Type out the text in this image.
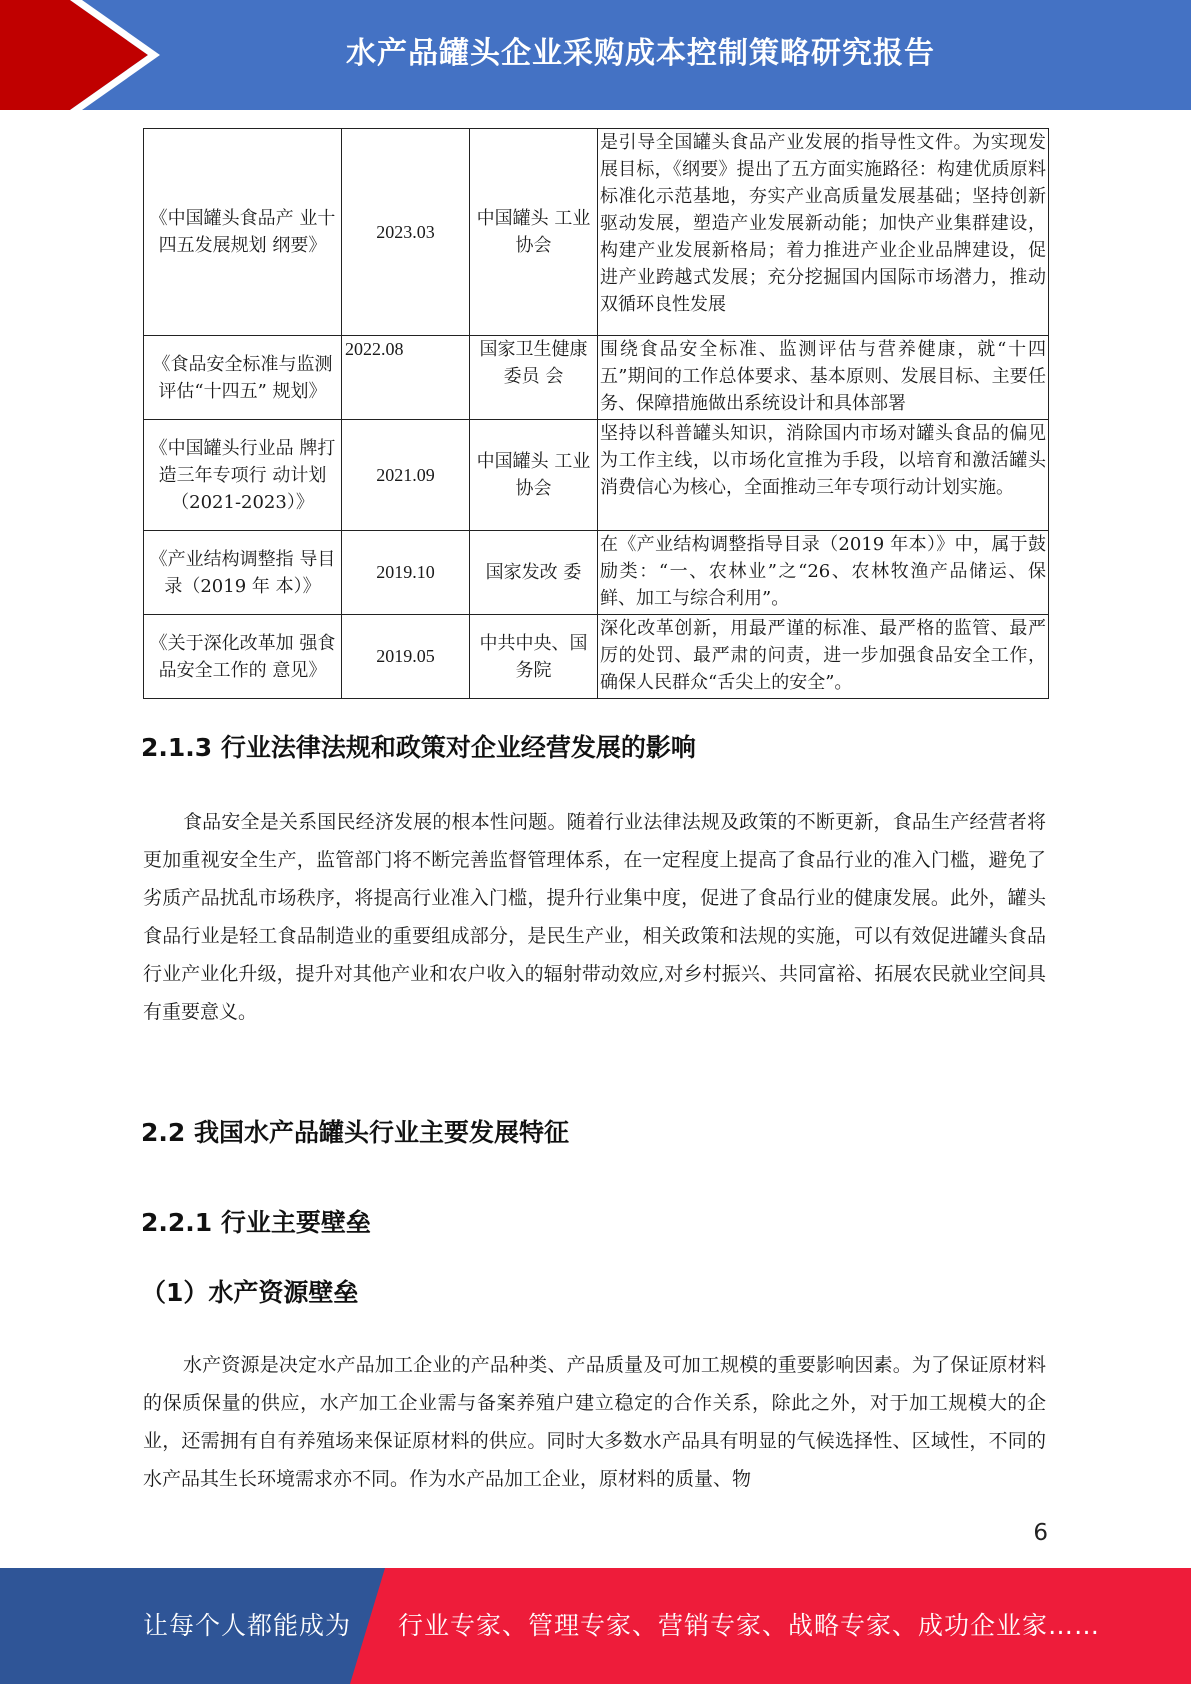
水产品罐头企业采购成本控制策略研究报告
《中国罐头食品产 业十四五发展规划 纲要》	2023.03	中国罐头 工业协会	是引导全国罐头食品产业发展的指导性文件。为实现发展目标，《纲要》提出了五方面实施路径：构建优质原料标准化示范基地，夯实产业高质量发展基础；坚持创新驱动发展，塑造产业发展新动能；加快产业集群建设，构建产业发展新格局；着力推进产业企业品牌建设，促进产业跨越式发展；充分挖掘国内国际市场潜力，推动双循环良性发展

《食品安全标准与监测评估“十四五” 规划》	2022.08	国家卫生健康委员 会	围绕食品安全标准、监测评估与营养健康，就“十四五”期间的工作总体要求、基本原则、发展目标、主要任务、保障措施做出系统设计和具体部署

《中国罐头行业品 牌打造三年专项行 动计划 （2021-2023）》	2021.09	中国罐头 工业协会	坚持以科普罐头知识，消除国内市场对罐头食品的偏见为工作主线，以市场化宣推为手段，以培育和激活罐头消费信心为核心，全面推动三年专项行动计划实施。
《产业结构调整指 导目录（2019 年 本）》	2019.10	国家发改 委	在《产业结构调整指导目录（2019 年本）》中，属于鼓励类：“一、农林业”之“26、农林牧渔产品储运、保鲜、加工与综合利用”。
《关于深化改革加 强食品安全工作的 意见》	2019.05	中共中央、国务院	深化改革创新，用最严谨的标准、最严格的监管、最严厉的处罚、最严肃的问责，进一步加强食品安全工作，确保人民群众“舌尖上的安全”。
2.1.3 行业法律法规和政策对企业经营发展的影响

食品安全是关系国民经济发展的根本性问题。随着行业法律法规及政策的不断更新，食品生产经营者将更加重视安全生产，监管部门将不断完善监督管理体系，在一定程度上提高了食品行业的准入门槛，避免了劣质产品扰乱市场秩序，将提高行业准入门槛，提升行业集中度，促进了食品行业的健康发展。此外，罐头食品行业是轻工食品制造业的重要组成部分，是民生产业，相关政策和法规的实施，可以有效促进罐头食品行业产业化升级，提升对其他产业和农户收入的辐射带动效应,对乡村振兴、共同富裕、拓展农民就业空间具有重要意义。

2.2 我国水产品罐头行业主要发展特征
2.2.1 行业主要壁垒
（1）水产资源壁垒

水产资源是决定水产品加工企业的产品种类、产品质量及可加工规模的重要影响因素。为了保证原材料的保质保量的供应，水产加工企业需与备案养殖户建立稳定的合作关系，除此之外，对于加工规模大的企业，还需拥有自有养殖场来保证原材料的供应。同时大多数水产品具有明显的气候选择性、区域性，不同的水产品其生长环境需求亦不同。作为水产品加工企业，原材料的质量、物

6
让每个人都能成为 行业专家、管理专家、营销专家、战略专家、成功企业家……
